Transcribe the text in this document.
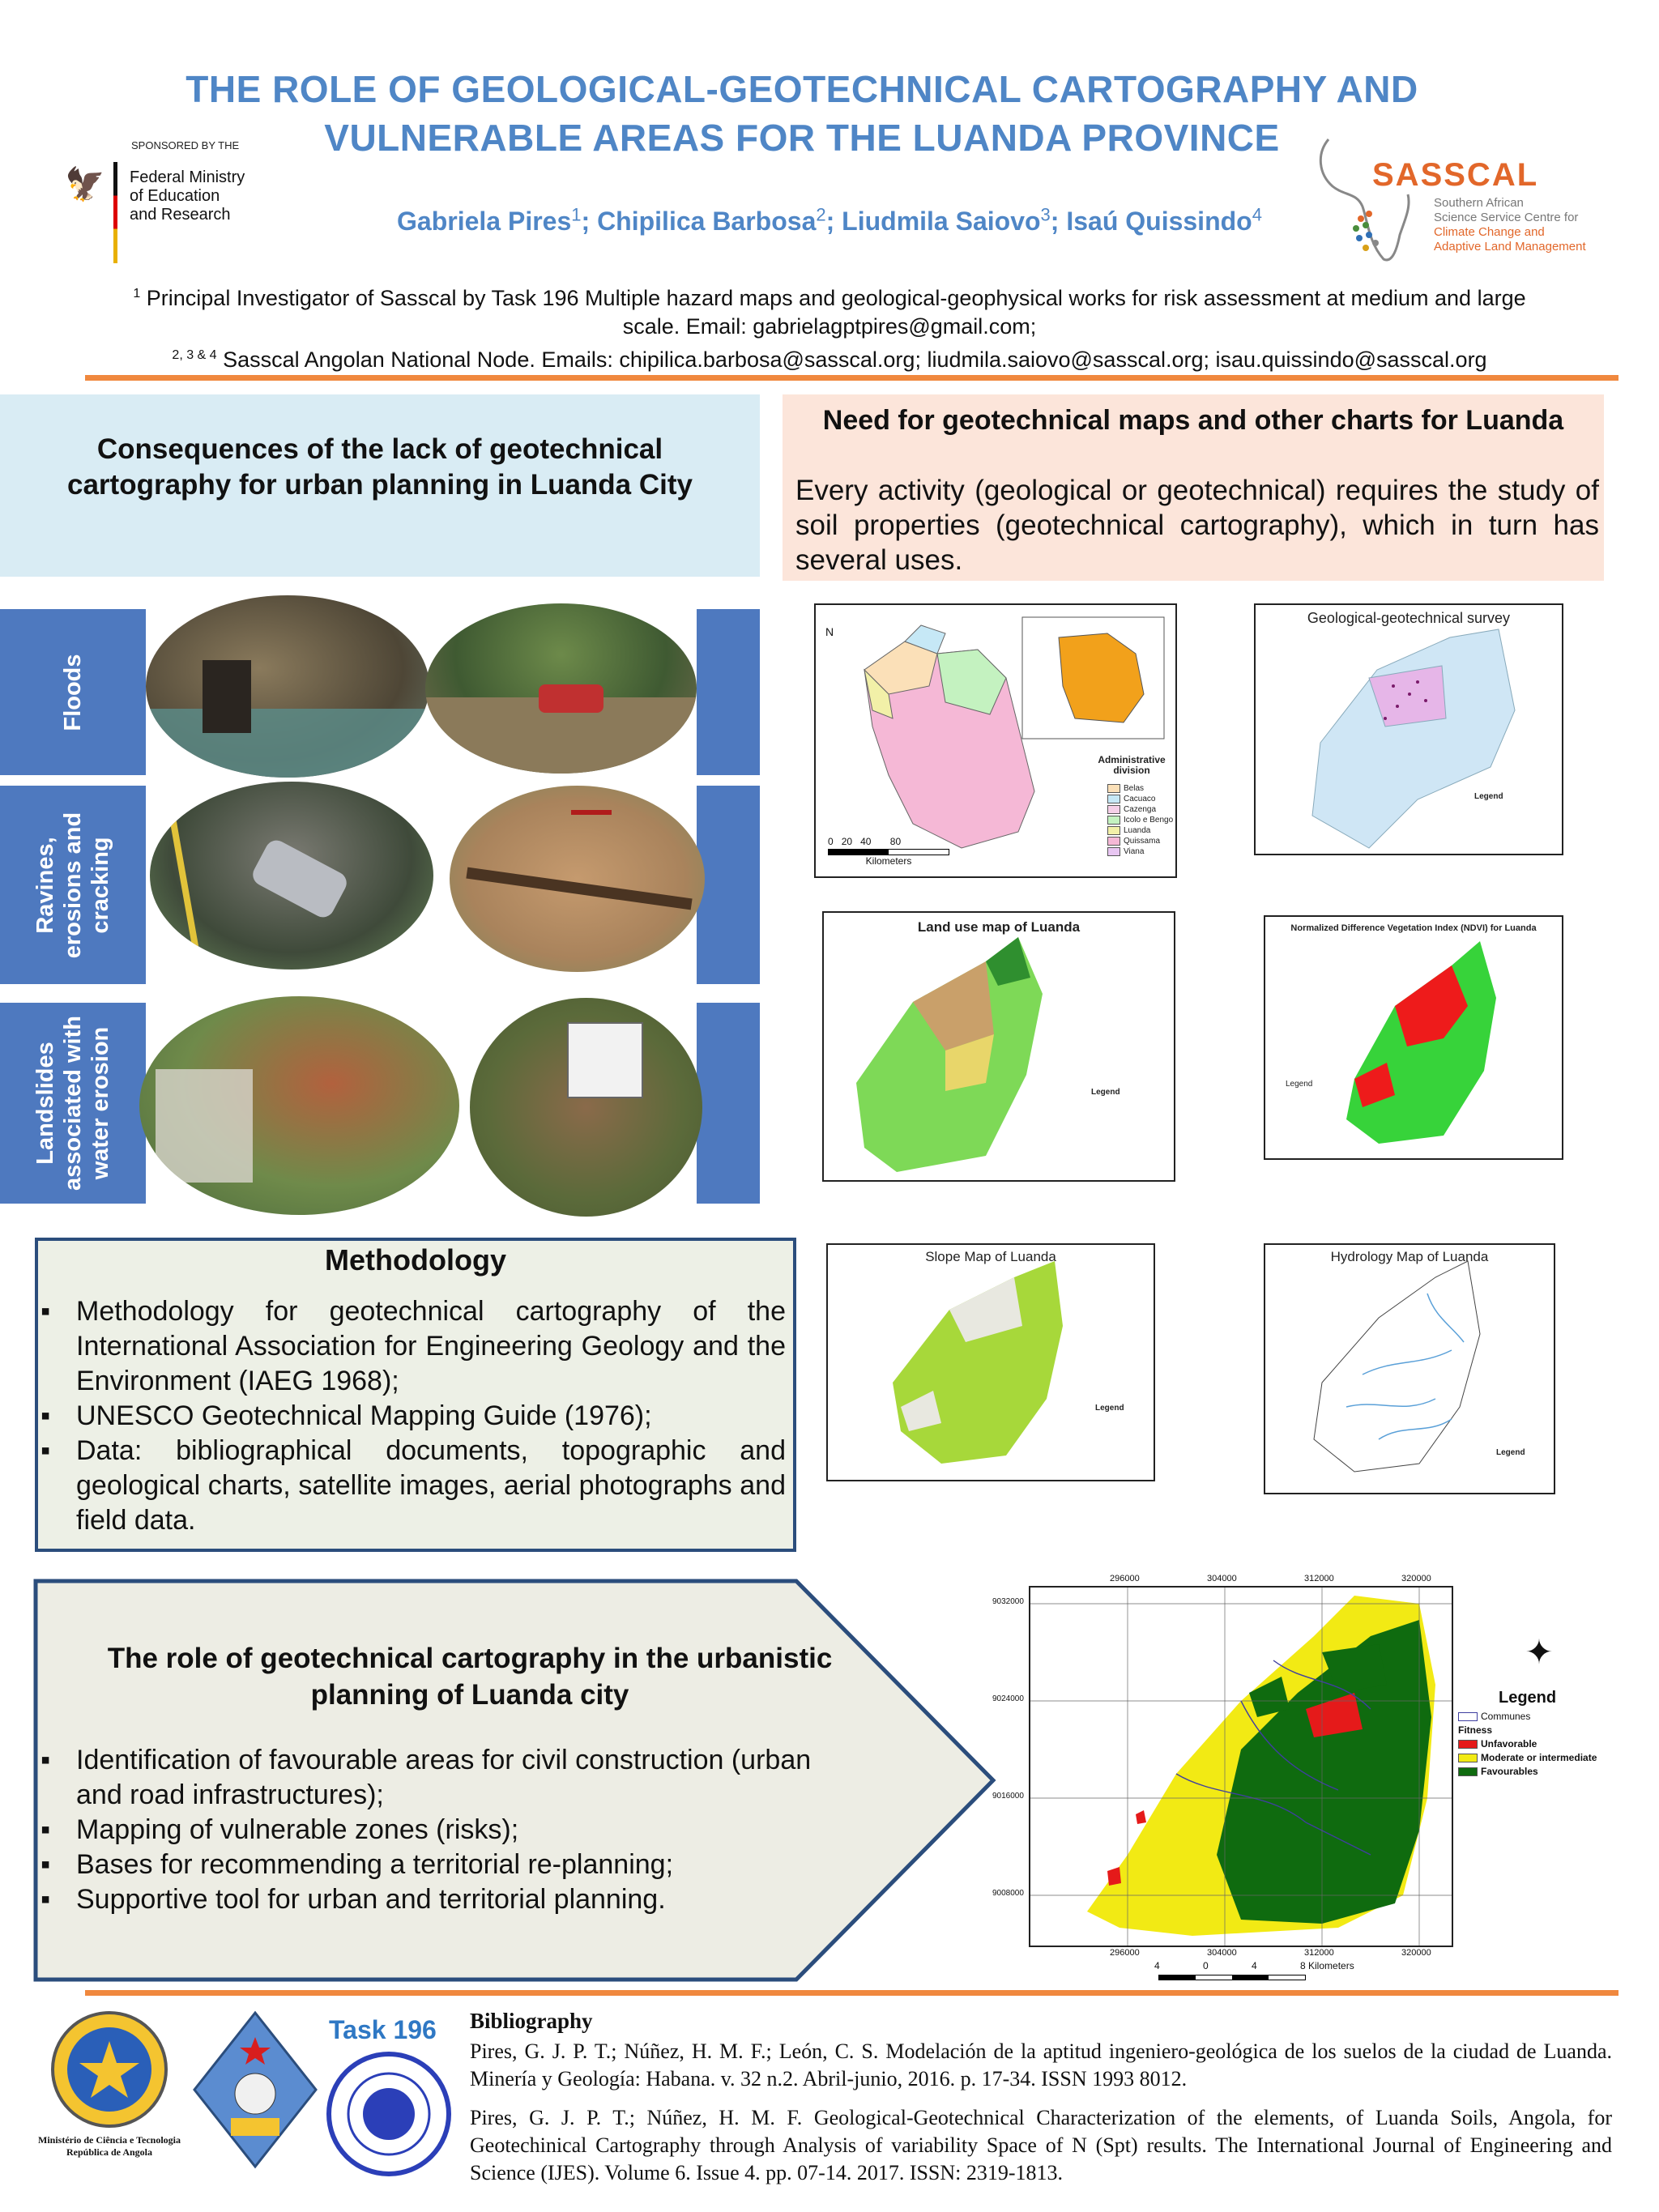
THE ROLE OF GEOLOGICAL-GEOTECHNICAL CARTOGRAPHY AND
VULNERABLE AREAS FOR THE LUANDA PROVINCE
SPONSORED BY THE
🦅 Federal Ministry
of Education
and Research	Gabriela Pires$^1$; Chipilica Barbosa$^2$; Liudmila Saiovo$^3$; Isaú Quissindo$^4$
SASSCAL
Southern African
Science Service Centre for
Climate Change and
Adaptive Land Management
$^1$ Principal Investigator of Sasscal by Task 196 Multiple hazard maps and geological-geophysical works for risk assessment at medium and large
scale. Email: gabrielagptpires@gmail.com;
$^{2, 3 \& 4}$ Sasscal Angolan National Node. Emails: chipilica.barbosa@sasscal.org; liudmila.saiovo@sasscal.org; isau.quissindo@sasscal.org
Consequences of the lack of geotechnical cartography for urban planning in Luanda City
Floods
Ravines, erosions and cracking
Landslides associated with water erosion
Need for geotechnical maps and other charts for Luanda
Every activity (geological or geotechnical) requires the study of soil properties (geotechnical cartography), which in turn has several uses.
N
Administrative division
Belas
Cacuaco
Cazenga
Icolo e Bengo
Luanda
Quissama
Viana
0 20 40 80
Kilometers
Geological-geotechnical survey
Legend
Land use map of Luanda
Legend
Normalized Difference Vegetation Index (NDVI) for Luanda
Legend
Slope Map of Luanda
Legend
Hydrology Map of Luanda
Legend
Methodology
▪ Methodology for geotechnical cartography of the International Association for Engineering Geology and the Environment (IAEG 1968);
▪ UNESCO Geotechnical Mapping Guide (1976);
▪ Data: bibliographical documents, topographic and geological charts, satellite images, aerial photographs and field data.
The role of geotechnical cartography in the urbanistic planning of Luanda city
▪ Identification of favourable areas for civil construction (urban and road infrastructures);
▪ Mapping of vulnerable zones (risks);
▪ Bases for recommending a territorial re-planning;
▪ Supportive tool for urban and territorial planning.
296000	304000	312000	320000
296000	304000	312000	320000
9032000
9024000
9016000
9008000
4	0	4	8 Kilometers
✦
Legend
Communes
Fitness
Unfavorable
Moderate or intermediate
Favourables
Ministério de Ciência e Tecnologia
República de Angola
Task 196 Bibliography
Pires, G. J. P. T.; Núñez, H. M. F.; León, C. S. Modelación de la aptitud ingeniero-geológica de los suelos de la ciudad de Luanda. Minería y Geología: Habana. v. 32 n.2. Abril-junio, 2016. p. 17-34. ISSN 1993 8012.
Pires, G. J. P. T.; Núñez, H. M. F. Geological-Geotechnical Characterization of the elements, of Luanda Soils, Angola, for Geotechinical Cartography through Analysis of variability Space of N (Spt) results. The International Journal of Engineering and Science (IJES). Volume 6. Issue 4. pp. 07-14. 2017. ISSN: 2319-1813.
